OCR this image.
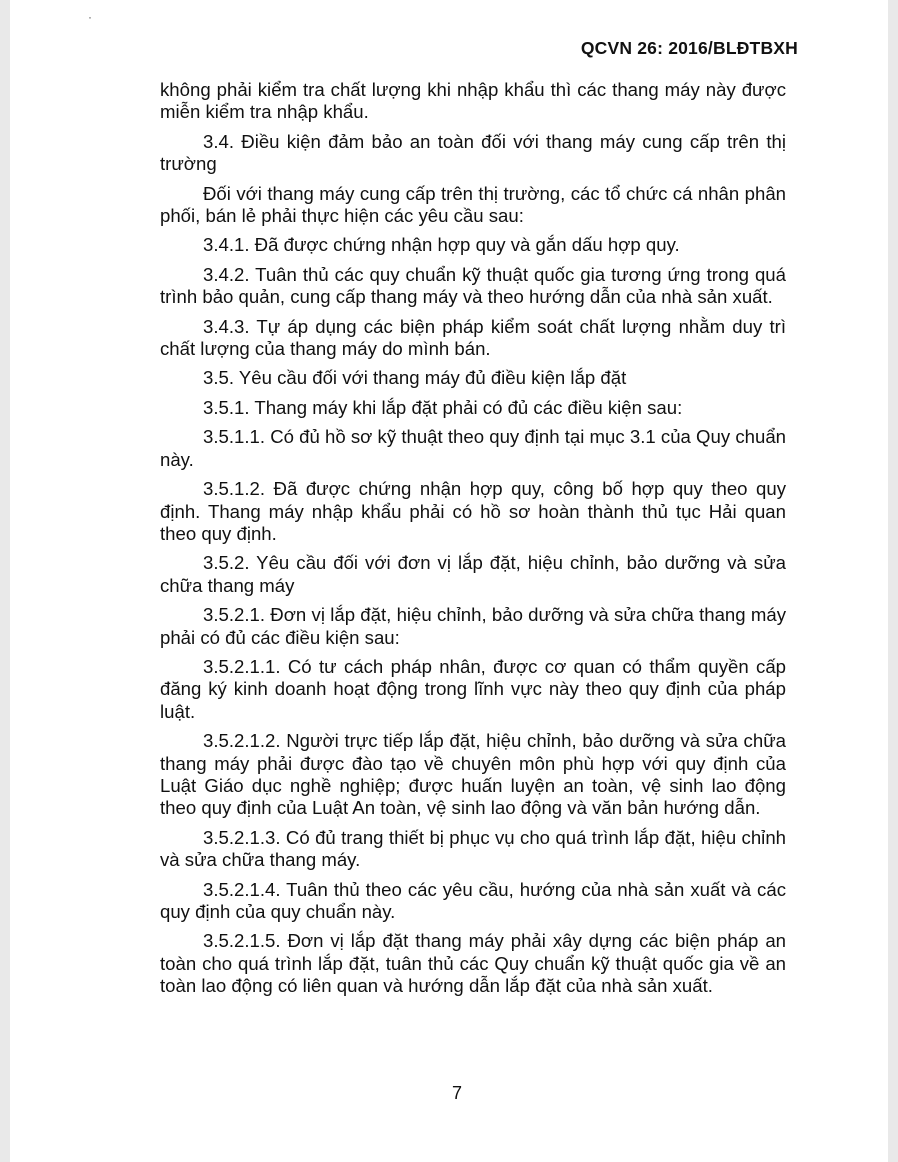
·
QCVN 26: 2016/BLĐTBXH

không phải kiểm tra chất lượng khi nhập khẩu thì các thang máy này được miễn kiểm tra nhập khẩu.

3.4. Điều kiện đảm bảo an toàn đối với thang máy cung cấp trên thị trường

Đối với thang máy cung cấp trên thị trường, các tổ chức cá nhân phân phối, bán lẻ phải thực hiện các yêu cầu sau:

3.4.1. Đã được chứng nhận hợp quy và gắn dấu hợp quy.

3.4.2. Tuân thủ các quy chuẩn kỹ thuật quốc gia tương ứng trong quá trình bảo quản, cung cấp thang máy và theo hướng dẫn của nhà sản xuất.

3.4.3. Tự áp dụng các biện pháp kiểm soát chất lượng nhằm duy trì chất lượng của thang máy do mình bán.

3.5. Yêu cầu đối với thang máy đủ điều kiện lắp đặt

3.5.1. Thang máy khi lắp đặt phải có đủ các điều kiện sau:

3.5.1.1. Có đủ hồ sơ kỹ thuật theo quy định tại mục 3.1 của Quy chuẩn này.

3.5.1.2. Đã được chứng nhận hợp quy, công bố hợp quy theo quy định. Thang máy nhập khẩu phải có hồ sơ hoàn thành thủ tục Hải quan theo quy định.

3.5.2. Yêu cầu đối với đơn vị lắp đặt, hiệu chỉnh, bảo dưỡng và sửa chữa thang máy

3.5.2.1. Đơn vị lắp đặt, hiệu chỉnh, bảo dưỡng và sửa chữa thang máy phải có đủ các điều kiện sau:

3.5.2.1.1. Có tư cách pháp nhân, được cơ quan có thẩm quyền cấp đăng ký kinh doanh hoạt động trong lĩnh vực này theo quy định của pháp luật.

3.5.2.1.2. Người trực tiếp lắp đặt, hiệu chỉnh, bảo dưỡng và sửa chữa thang máy phải được đào tạo về chuyên môn phù hợp với quy định của Luật Giáo dục nghề nghiệp; được huấn luyện an toàn, vệ sinh lao động theo quy định của Luật An toàn, vệ sinh lao động và văn bản hướng dẫn.

3.5.2.1.3. Có đủ trang thiết bị phục vụ cho quá trình lắp đặt, hiệu chỉnh và sửa chữa thang máy.

3.5.2.1.4. Tuân thủ theo các yêu cầu, hướng của nhà sản xuất và các quy định của quy chuẩn này.

3.5.2.1.5. Đơn vị lắp đặt thang máy phải xây dựng các biện pháp an toàn cho quá trình lắp đặt, tuân thủ các Quy chuẩn kỹ thuật quốc gia về an toàn lao động có liên quan và hướng dẫn lắp đặt của nhà sản xuất.

7
